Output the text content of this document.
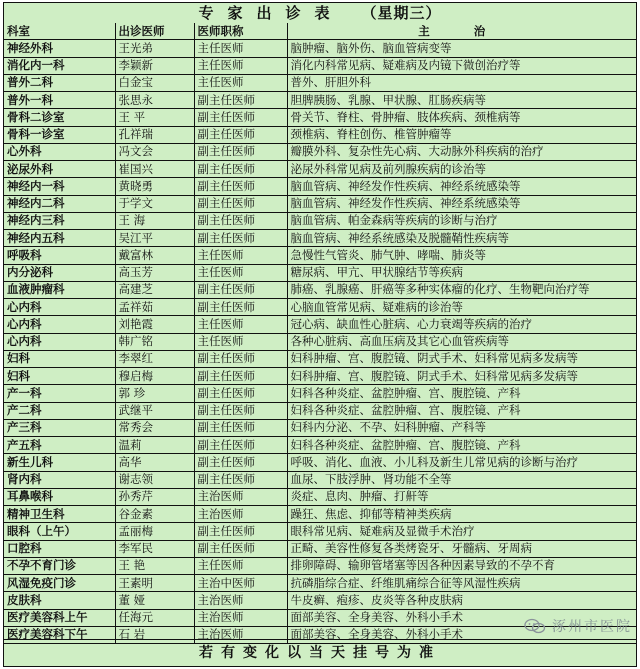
专家出诊表 （星期三）
科室	出诊医师	医师职称	主 治
神经外科	王光弟	主任医师	脑肿瘤、脑外伤、脑血管病变等
消化内一科	李颖新	主任医师	消化内科常见病、疑难病及内镜下微创治疗等
普外二科	白金宝	主任医师	普外、肝胆外科
普外一科	张思永	副主任医师	胆脾胰肠、乳腺、甲状腺、肛肠疾病等
骨科二诊室	王 平	副主任医师	骨关节、脊柱、骨肿瘤、肢体疾病、颈椎病等
骨科一诊室	孔祥瑞	副主任医师	颈椎病、脊柱创伤、椎管肿瘤等
心外科	冯文会	副主任医师	瓣膜外科、复杂性先心病、大动脉外科疾病的治疗
泌尿外科	崔国兴	副主任医师	泌尿外科常见病及前列腺疾病的诊治等
神经内一科	黄晓勇	副主任医师	脑血管病、神经发作性疾病、神经系统感染等
神经内二科	于学文	副主任医师	脑血管病、神经发作性疾病、神经系统感染等
神经内三科	王 海	副主任医师	脑血管病、帕金森病等疾病的诊断与治疗
神经内五科	吴江平	副主任医师	脑血管病、神经系统感染及脱髓鞘性疾病等
呼吸科	戴富林	主任医师	急慢性气管炎、肺气肿、哮喘、肺炎等
内分泌科	高玉芳	主任医师	糖尿病、甲亢、甲状腺结节等疾病
血液肿瘤科	高建芝	副主任医师	肺癌、乳腺癌、肝癌等多种实体瘤的化疗、生物靶向治疗等
心内科	孟祥茹	副主任医师	心脑血管常见病、疑难病的诊治等
心内科	刘艳霞	主任医师	冠心病、缺血性心脏病、心力衰竭等疾病的治疗
心内科	韩广铭	主任医师	各种心脏病、高血压病及其它心血管疾病等
妇科	李翠红	副主任医师	妇科肿瘤、宫、腹腔镜、阴式手术、妇科常见病多发病等
妇科	穆启梅	副主任医师	妇科肿瘤、宫、腹腔镜、阴式手术、妇科常见病多发病等
产一科	郭 珍	副主任医师	妇科各种炎症、盆腔肿瘤、宫、腹腔镜、产科
产二科	武继平	副主任医师	妇科各种炎症、盆腔肿瘤、宫、腹腔镜、产科
产三科	常秀会	副主任医师	妇科内分泌、不孕、妇科肿瘤、产科等
产五科	温莉	副主任医师	妇科各种炎症、盆腔肿瘤、宫、腹腔镜、产科
新生儿科	高华	副主任医师	呼吸、消化、血液、小儿科及新生儿常见病的诊断与治疗
肾内科	谢志领	副主任医师	血尿、下肢浮肿、肾功能不全等
耳鼻喉科	孙秀芹	主治医师	炎症、息肉、肿瘤、打鼾等
精神卫生科	谷金素	主治医师	躁狂、焦虑、抑郁等精神类疾病
眼科（上午）	孟丽梅	副主任医师	眼科常见病、疑难病及显微手术治疗
口腔科	李军民	副主任医师	正畸、美容性修复各类烤瓷牙、牙髓病、牙周病
不孕不育门诊	王 艳	主任医师	排卵障碍、输卵管堵塞等因各种因素导致的不孕不育
风湿免疫门诊	王素明	主治中医师	抗磷脂综合症、纤维肌痛综合征等风湿性疾病
皮肤科	董 娅	主治医师	牛皮癣、疱疹、皮炎等各种皮肤病
医疗美容科上午	任海元	主治医师	面部美容、全身美容、外科小手术
医疗美容科下午	石 岩	主治医师	面部美容、全身美容、外科小手术	涿州市医院
若有变化以当天挂号为准
